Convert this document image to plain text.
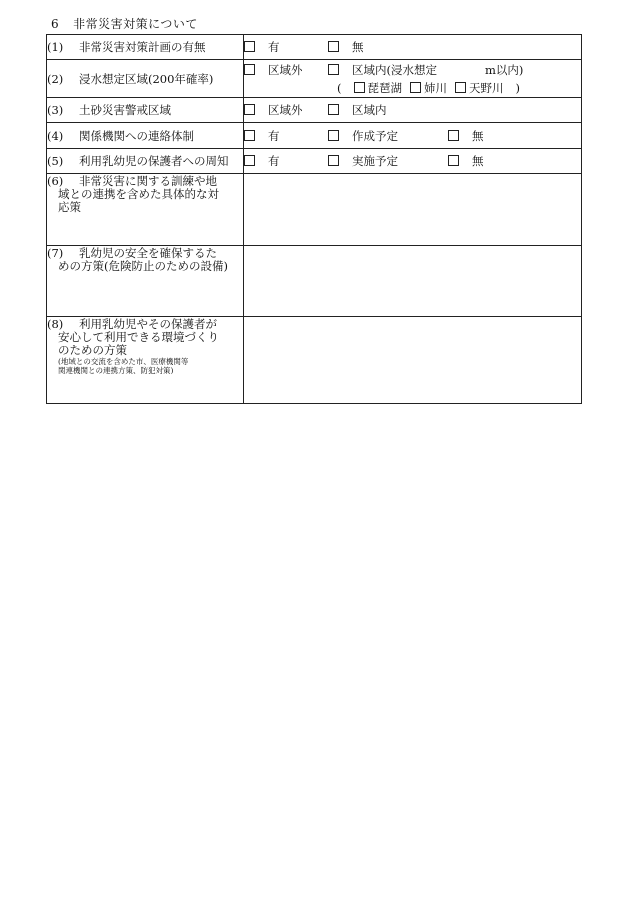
6 非常災害対策について
(1) 非常災害対策計画の有無	有 無
(2) 浸水想定区域(200年確率)	区域外 区域内(浸水想定 m以内)
( 琵琶湖 姉川 天野川 )

(3) 土砂災害警戒区域	区域外 区域内
(4) 関係機関への連絡体制	有 作成予定 無
(5) 利用乳幼児の保護者への周知	有 実施予定 無

(6) 非常災害に関する訓練や地
域との連携を含めた具体的な対
応策	

(7) 乳幼児の安全を確保するた
めの方策(危険防止のための設備)	

(8) 利用乳幼児やその保護者が
安心して利用できる環境づくり
のための方策
(地域との交流を含めた市、医療機関等
関連機関との連携方策、防犯対策)	
